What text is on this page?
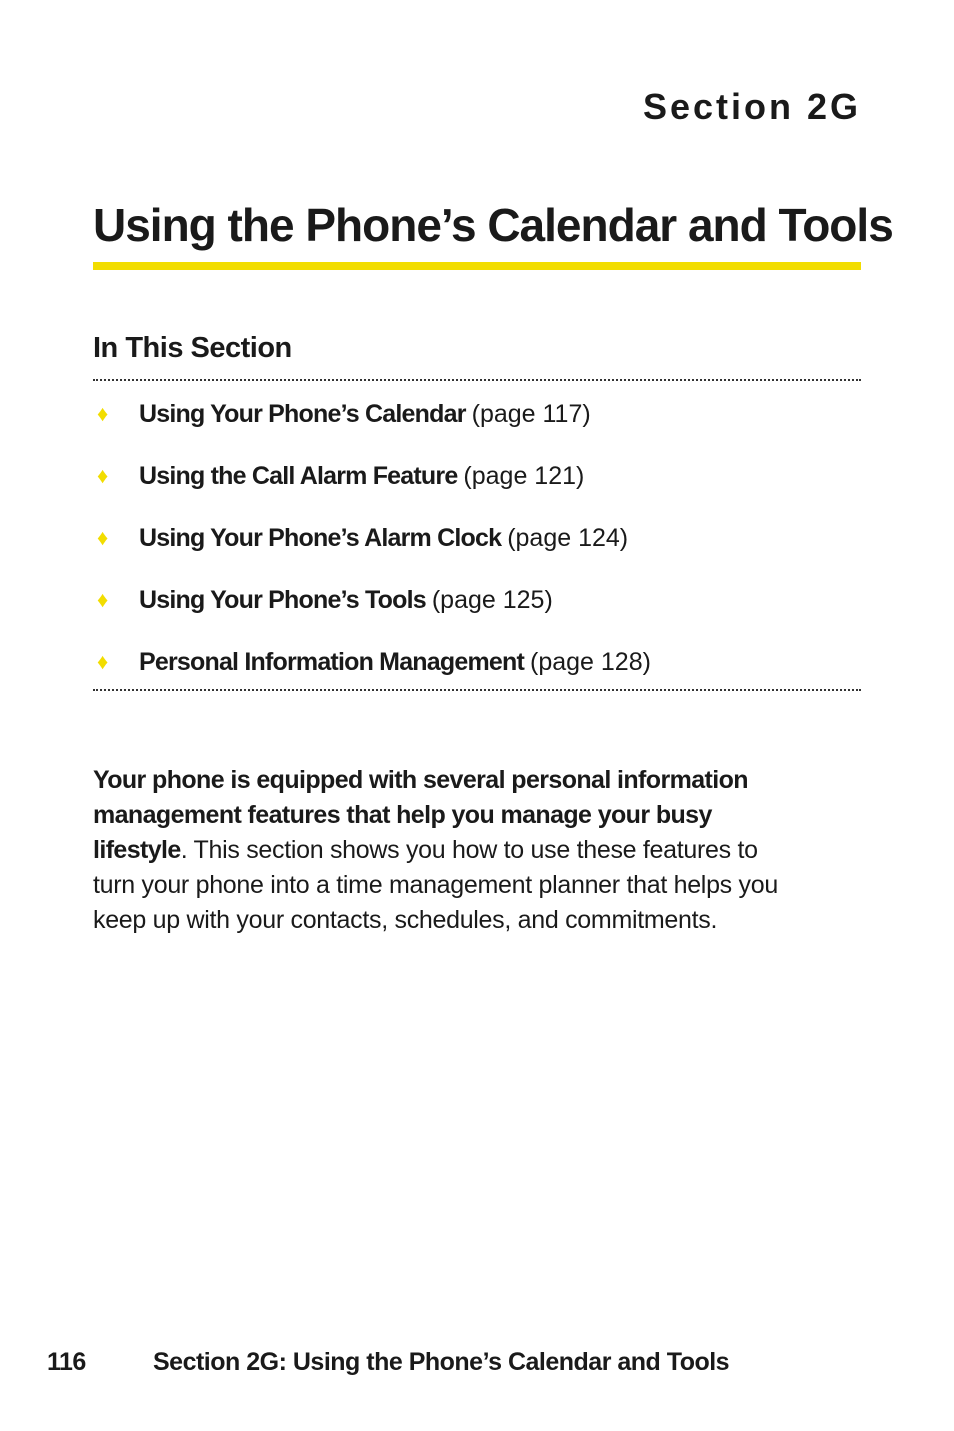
Section 2G
Using the Phone’s Calendar and Tools
In This Section
♦	Using Your Phone’s Calendar (page 117)
♦	Using the Call Alarm Feature (page 121)
♦	Using Your Phone’s Alarm Clock (page 124)
♦	Using Your Phone’s Tools (page 125)
♦	Personal Information Management (page 128)

Your phone is equipped with several personal information management features that help you manage your busy lifestyle. This section shows you how to use these features to turn your phone into a time management planner that helps you keep up with your contacts, schedules, and commitments.

116	Section 2G: Using the Phone’s Calendar and Tools
